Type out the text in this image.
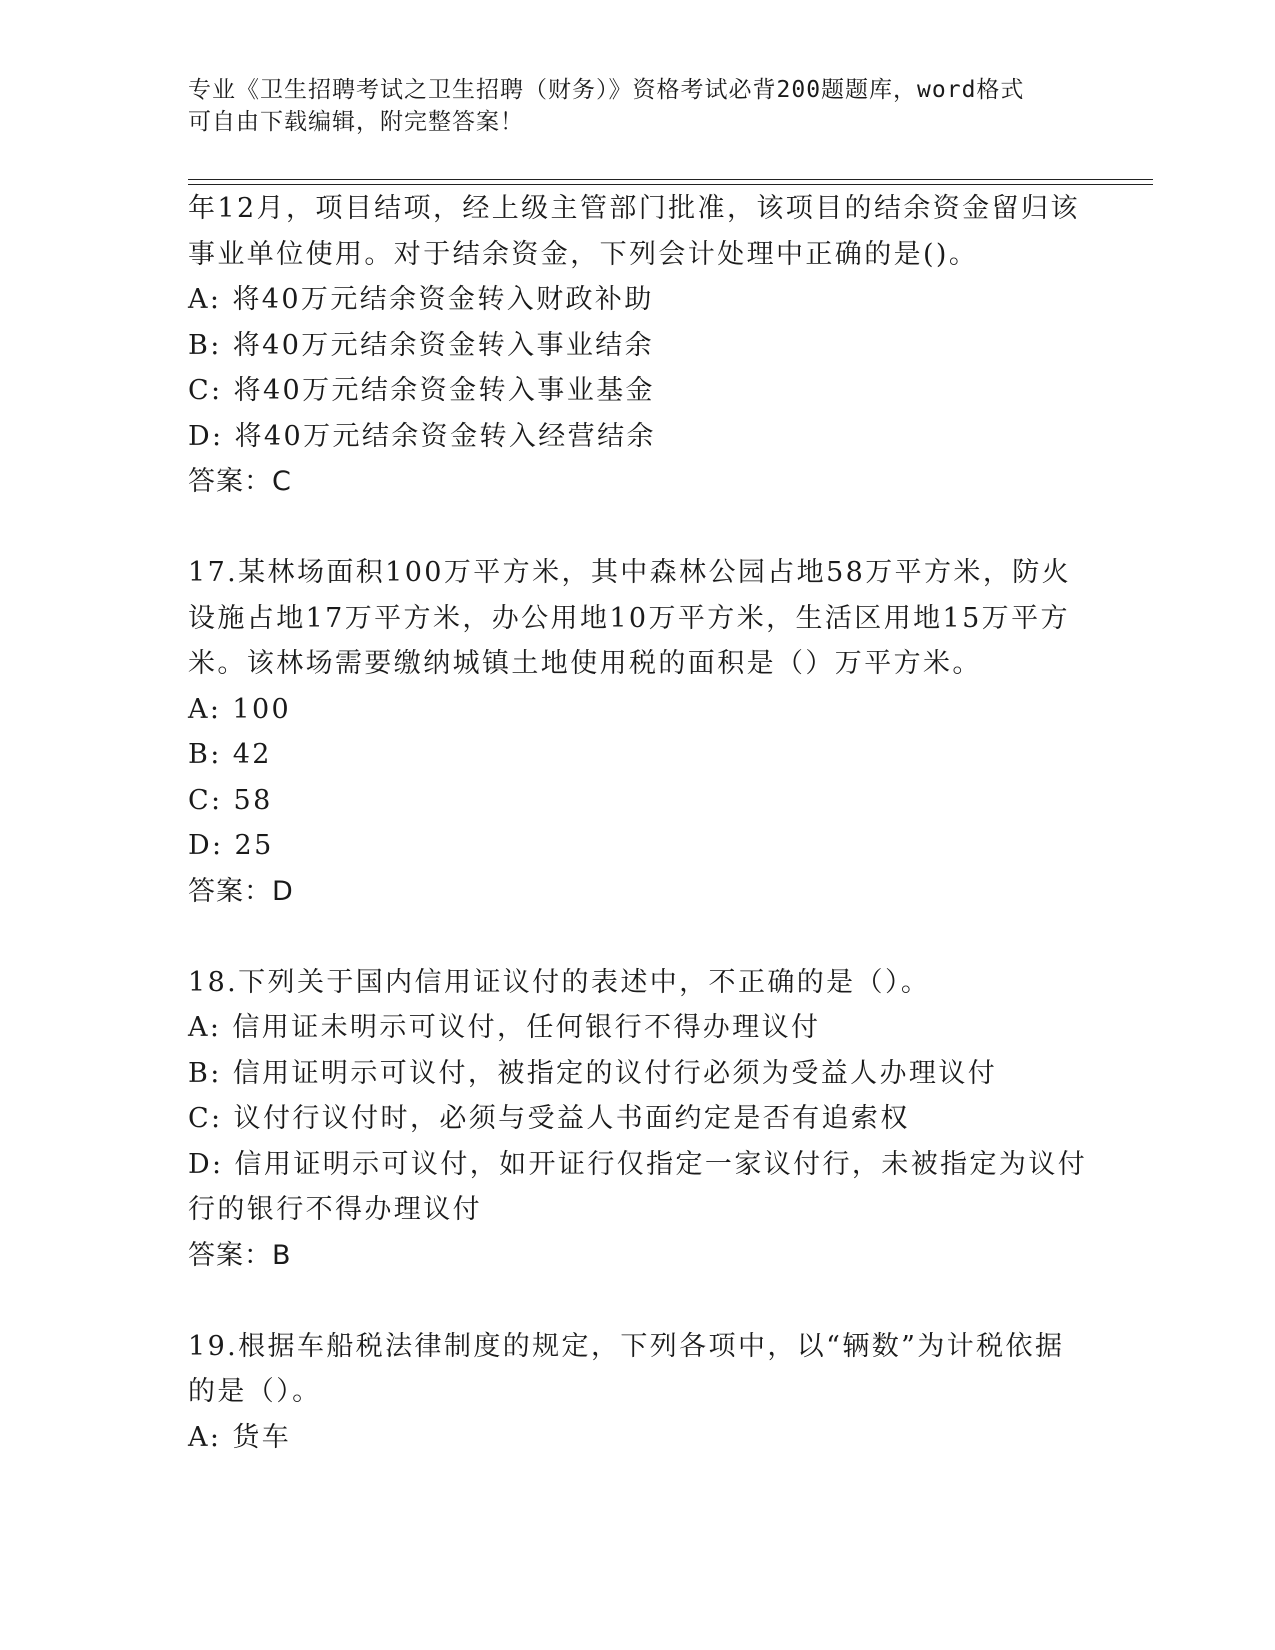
专业《卫生招聘考试之卫生招聘（财务）》资格考试必背200题题库，word格式
可自由下载编辑，附完整答案！
年12月，项目结项，经上级主管部门批准，该项目的结余资金留归该
事业单位使用。对于结余资金，下列会计处理中正确的是()。
A: 将40万元结余资金转入财政补助
B: 将40万元结余资金转入事业结余
C: 将40万元结余资金转入事业基金
D: 将40万元结余资金转入经营结余
答案：C
17.某林场面积100万平方米，其中森林公园占地58万平方米，防火
设施占地17万平方米，办公用地10万平方米，生活区用地15万平方
米。该林场需要缴纳城镇土地使用税的面积是（）万平方米。
A: 100
B: 42
C: 58
D: 25
答案：D
18.下列关于国内信用证议付的表述中，不正确的是（）。
A: 信用证未明示可议付，任何银行不得办理议付
B: 信用证明示可议付，被指定的议付行必须为受益人办理议付
C: 议付行议付时，必须与受益人书面约定是否有追索权
D: 信用证明示可议付，如开证行仅指定一家议付行，未被指定为议付
行的银行不得办理议付
答案：B
19.根据车船税法律制度的规定，下列各项中，以“辆数”为计税依据
的是（）。
A: 货车
